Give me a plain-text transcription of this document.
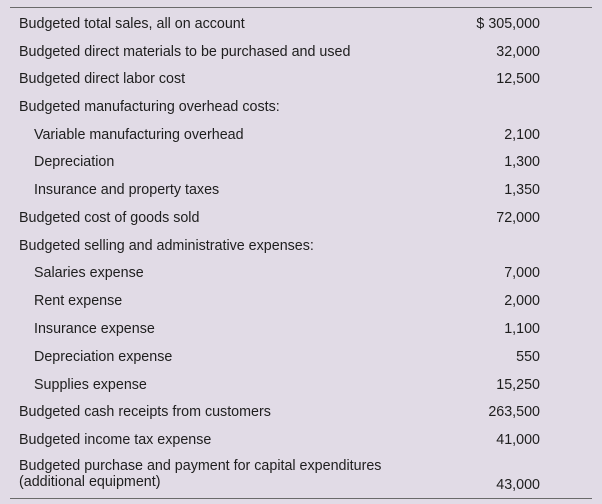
Budgeted total sales, all on account	$ 305,000
Budgeted direct materials to be purchased and used	32,000
Budgeted direct labor cost	12,500
Budgeted manufacturing overhead costs:
Variable manufacturing overhead	2,100
Depreciation	1,300
Insurance and property taxes	1,350
Budgeted cost of goods sold	72,000
Budgeted selling and administrative expenses:
Salaries expense	7,000
Rent expense	2,000
Insurance expense	1,100
Depreciation expense	550
Supplies expense	15,250
Budgeted cash receipts from customers	263,500
Budgeted income tax expense	41,000
Budgeted purchase and payment for capital expenditures
(additional equipment)	43,000
